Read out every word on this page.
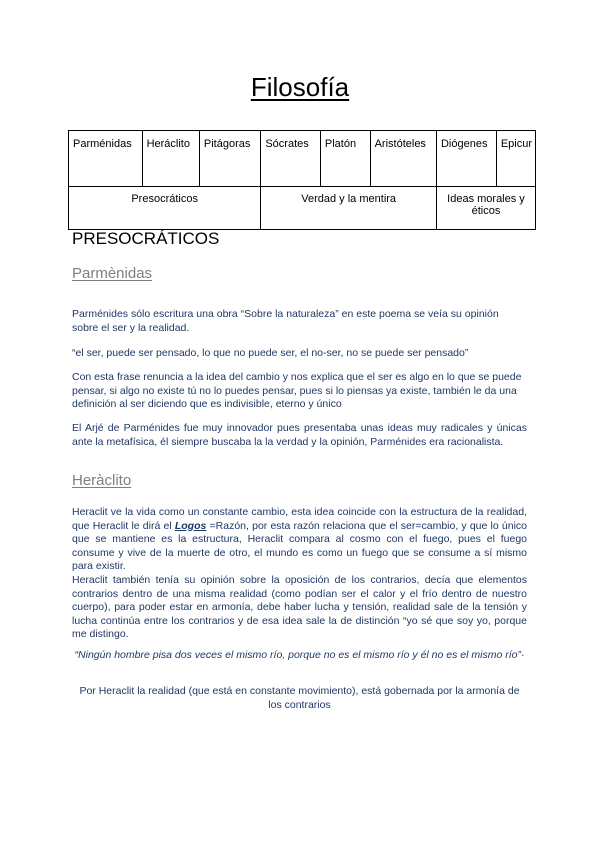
Filosofía
Parménidas	Heráclito	Pitágoras	Sócrates	Platón	Aristóteles	Diógenes	Epicur
Presocráticos			Verdad y la mentira			Ideas morales y éticos	
PRESOCRÁTICOS
Parmènidas
Parménides sólo escritura una obra “Sobre la naturaleza” en este poema se veía su opinión sobre el ser y la realidad.
“el ser, puede ser pensado, lo que no puede ser, el no-ser, no se puede ser pensado”
Con esta frase renuncia a la idea del cambio y nos explica que el ser es algo en lo que se puede pensar, si algo no existe tú no lo puedes pensar, pues si lo piensas ya existe, también le da una definición al ser diciendo que es indivisible, eterno y único
El Arjé de Parménides fue muy innovador pues presentaba unas ideas muy radicales y únicas ante la metafísica, él siempre buscaba la la verdad y la opinión, Parménides era racionalista.
Heràclito
Heraclit ve la vida como un constante cambio, esta idea coincide con la estructura de la realidad, que Heraclit le dirá el Logos =Razón, por esta razón relaciona que el ser=cambio, y que lo único que se mantiene es la estructura, Heraclit compara al cosmo con el fuego, pues el fuego consume y vive de la muerte de otro, el mundo es como un fuego que se consume a sí mismo para existir.
Heraclit también tenía su opinión sobre la oposición de los contrarios, decía que elementos contrarios dentro de una misma realidad (como podían ser el calor y el frío dentro de nuestro cuerpo), para poder estar en armonía, debe haber lucha y tensión, realidad sale de la tensión y lucha continúa entre los contrarios y de esa idea sale la de distinción “yo sé que soy yo, porque me distingo.
“Ningún hombre pisa dos veces el mismo río, porque no es el mismo río y él no es el mismo río”·
Por Heraclit la realidad (que está en constante movimiento), está gobernada por la armonía de los contrarios
